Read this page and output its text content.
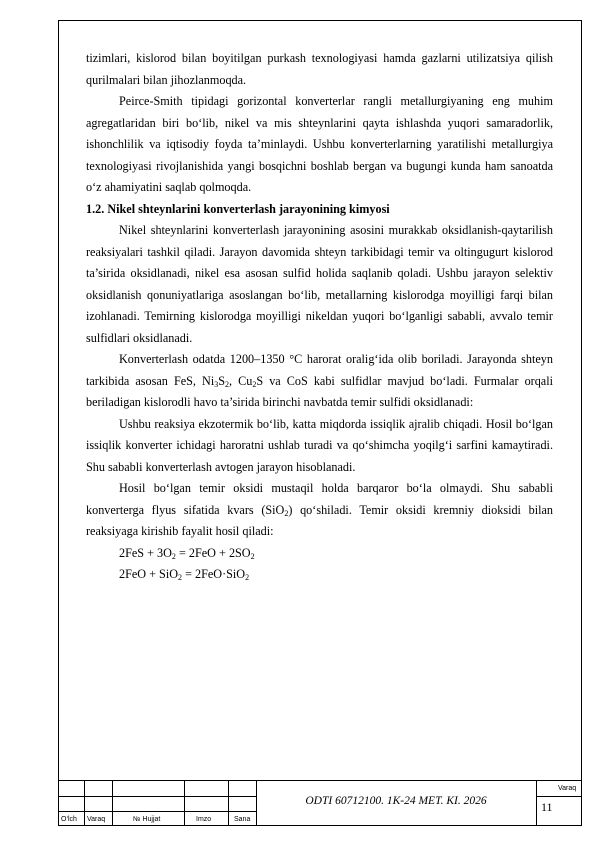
tizimlari, kislorod bilan boyitilgan purkash texnologiyasi hamda gazlarni utilizatsiya qilish qurilmalari bilan jihozlanmoqda.

Peirce-Smith tipidagi gorizontal konverterlar rangli metallurgiyaning eng muhim agregatlaridan biri bo‘lib, nikel va mis shteynlarini qayta ishlashda yuqori samaradorlik, ishonchlilik va iqtisodiy foyda ta’minlaydi. Ushbu konverterlarning yaratilishi metallurgiya texnologiyasi rivojlanishida yangi bosqichni boshlab bergan va bugungi kunda ham sanoatda o‘z ahamiyatini saqlab qolmoqda.

1.2. Nikel shteynlarini konverterlash jarayonining kimyosi

Nikel shteynlarini konverterlash jarayonining asosini murakkab oksidlanish-qaytarilish reaksiyalari tashkil qiladi. Jarayon davomida shteyn tarkibidagi temir va oltingugurt kislorod ta’sirida oksidlanadi, nikel esa asosan sulfid holida saqlanib qoladi. Ushbu jarayon selektiv oksidlanish qonuniyatlariga asoslangan bo‘lib, metallarning kislorodga moyilligi farqi bilan izohlanadi. Temirning kislorodga moyilligi nikeldan yuqori bo‘lganligi sababli, avvalo temir sulfidlari oksidlanadi.

Konverterlash odatda 1200–1350 °C harorat oralig‘ida olib boriladi. Jarayonda shteyn tarkibida asosan FeS, $Ni_3S_2$, $Cu_2S$ va CoS kabi sulfidlar mavjud bo‘ladi. Furmalar orqali beriladigan kislorodli havo ta’sirida birinchi navbatda temir sulfidi oksidlanadi:

Ushbu reaksiya ekzotermik bo‘lib, katta miqdorda issiqlik ajralib chiqadi. Hosil bo‘lgan issiqlik konverter ichidagi haroratni ushlab turadi va qo‘shimcha yoqilg‘i sarfini kamaytiradi. Shu sababli konverterlash avtogen jarayon hisoblanadi.

Hosil bo‘lgan temir oksidi mustaqil holda barqaror bo‘la olmaydi. Shu sababli konverterga flyus sifatida kvars (SiO$_2$) qo‘shiladi. Temir oksidi kremniy dioksidi bilan reaksiyaga kirishib fayalit hosil qiladi:

$2FeS + 3O_2 = 2FeO + 2SO_2$

2FeO + SiO$_2$ = 2FeO·SiO$_2$

O‘lch Varaq	№ Hujjat	Imzo	Sana
ODTI 60712100. 1K-24 MET. KI. 2026
Varaq
11
